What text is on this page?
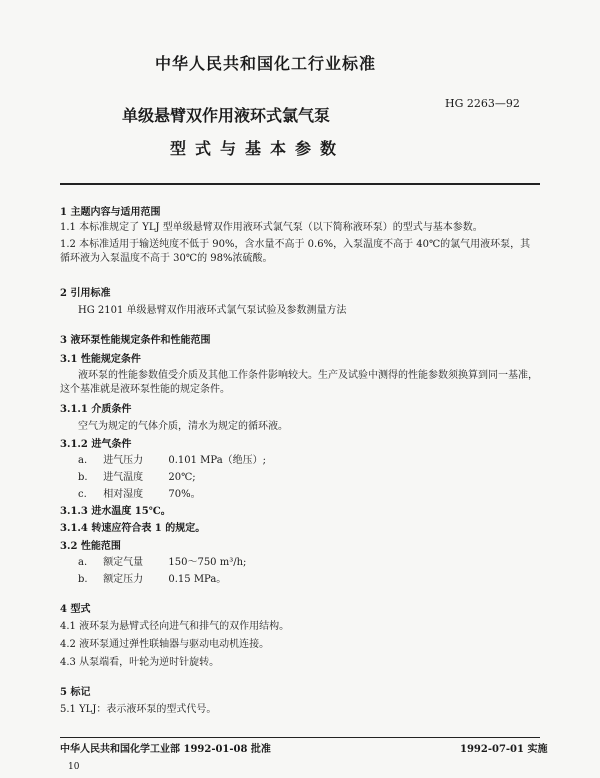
中华人民共和国化工行业标准
单级悬臂双作用液环式氯气泵
HG 2263—92
型式与基本参数
1 主题内容与适用范围
1.1 本标准规定了 YLJ 型单级悬臂双作用液环式氯气泵（以下简称液环泵）的型式与基本参数。
1.2 本标准适用于输送纯度不低于 90%，含水量不高于 0.6%，入泵温度不高于 40℃的氯气用液环泵，其循环液为入泵温度不高于 30℃的 98%浓硫酸。
2 引用标准
HG 2101 单级悬臂双作用液环式氯气泵试验及参数测量方法
3 液环泵性能规定条件和性能范围
3.1 性能规定条件
液环泵的性能参数值受介质及其他工作条件影响较大。生产及试验中测得的性能参数须换算到同一基准，这个基准就是液环泵性能的规定条件。
3.1.1 介质条件
空气为规定的气体介质，清水为规定的循环液。
3.1.2 进气条件
a. 进气压力	0.101 MPa（绝压）;
b. 进气温度	20℃;
c. 相对湿度	70%。
3.1.3 进水温度 15℃。
3.1.4 转速应符合表 1 的规定。
3.2 性能范围
a. 额定气量	150～750 m³/h;
b. 额定压力	0.15 MPa。
4 型式
4.1 液环泵为悬臂式径向进气和排气的双作用结构。
4.2 液环泵通过弹性联轴器与驱动电动机连接。
4.3 从泵端看，叶轮为逆时针旋转。
5 标记
5.1 YLJ：表示液环泵的型式代号。
中华人民共和国化学工业部 1992-01-08 批准	1992-07-01 实施
10
